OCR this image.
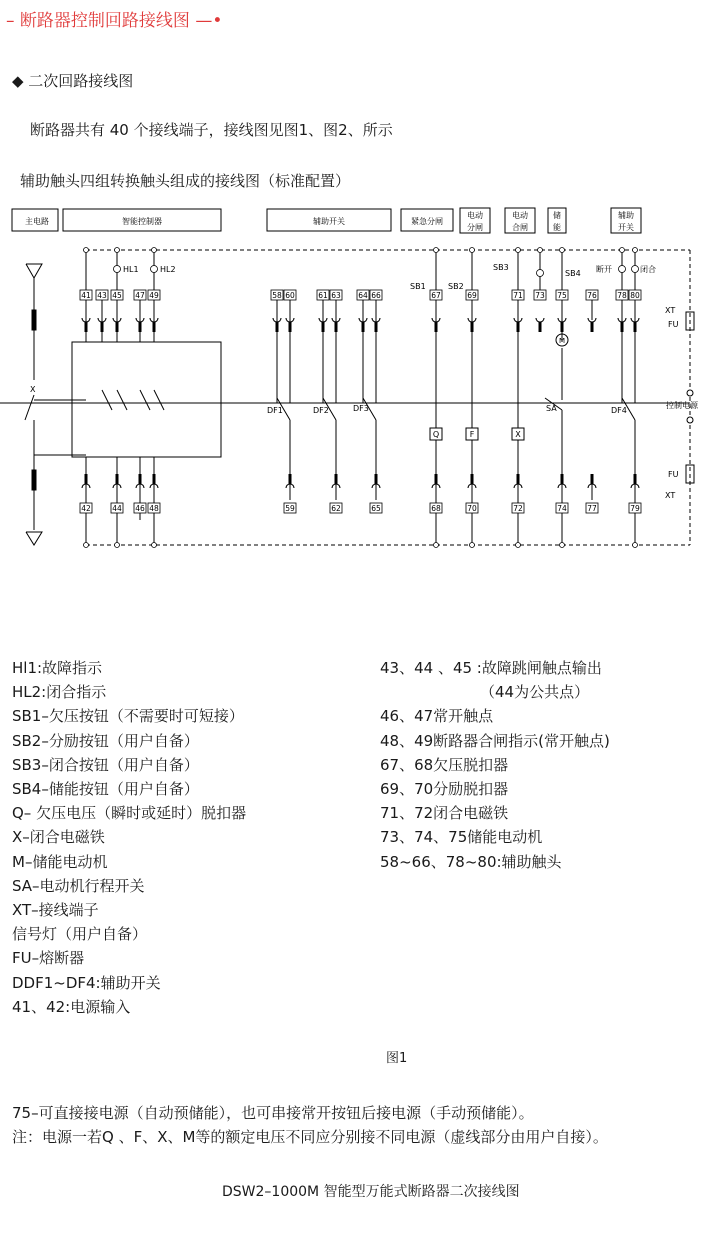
– 断路器控制回路接线图 —•
◆ 二次回路接线图
断路器共有 40 个接线端子，接线图见图1、图2、所示
辅助触头四组转换触头组成的接线图（标准配置）
41 43 45 47 49	58 60	61 63 64 66	67	69	71 73 75	76	78 80
42	44 46 48	59	62	65	68	70	72	74	77	79
主电路	智能控制器	辅助开关	紧急分闸
电动
分闸
电动
合闸
储
能
辅助
开关
HL1	HL2
SB1	SB2
SB3
SB4 断开	闭合
DF1	DF2	DF3	SA	DF4
Q	F	X
M
XT
FU
控制电源
FU
XT
X
Hl1:故障指示
HL2:闭合指示
SB1–欠压按钮（不需要时可短接）
SB2–分励按钮（用户自备）
SB3–闭合按钮（用户自备）
SB4–储能按钮（用户自备）
Q– 欠压电压（瞬时或延时）脱扣器
X–闭合电磁铁
M–储能电动机
SA–电动机行程开关
XT–接线端子
信号灯（用户自备）
FU–熔断器
DDF1~DF4:辅助开关
41、42:电源输入
43、44 、45 :故障跳闸触点输出
（44为公共点）
46、47常开触点
48、49断路器合闸指示(常开触点)
67、68欠压脱扣器
69、70分励脱扣器
71、72闭合电磁铁
73、74、75储能电动机
58~66、78~80:辅助触头
图1
75–可直接接电源（自动预储能），也可串接常开按钮后接电源（手动预储能）。
注：电源一若Q 、F、X、M等的额定电压不同应分别接不同电源（虚线部分由用户自接）。
DSW2–1000M 智能型万能式断路器二次接线图
